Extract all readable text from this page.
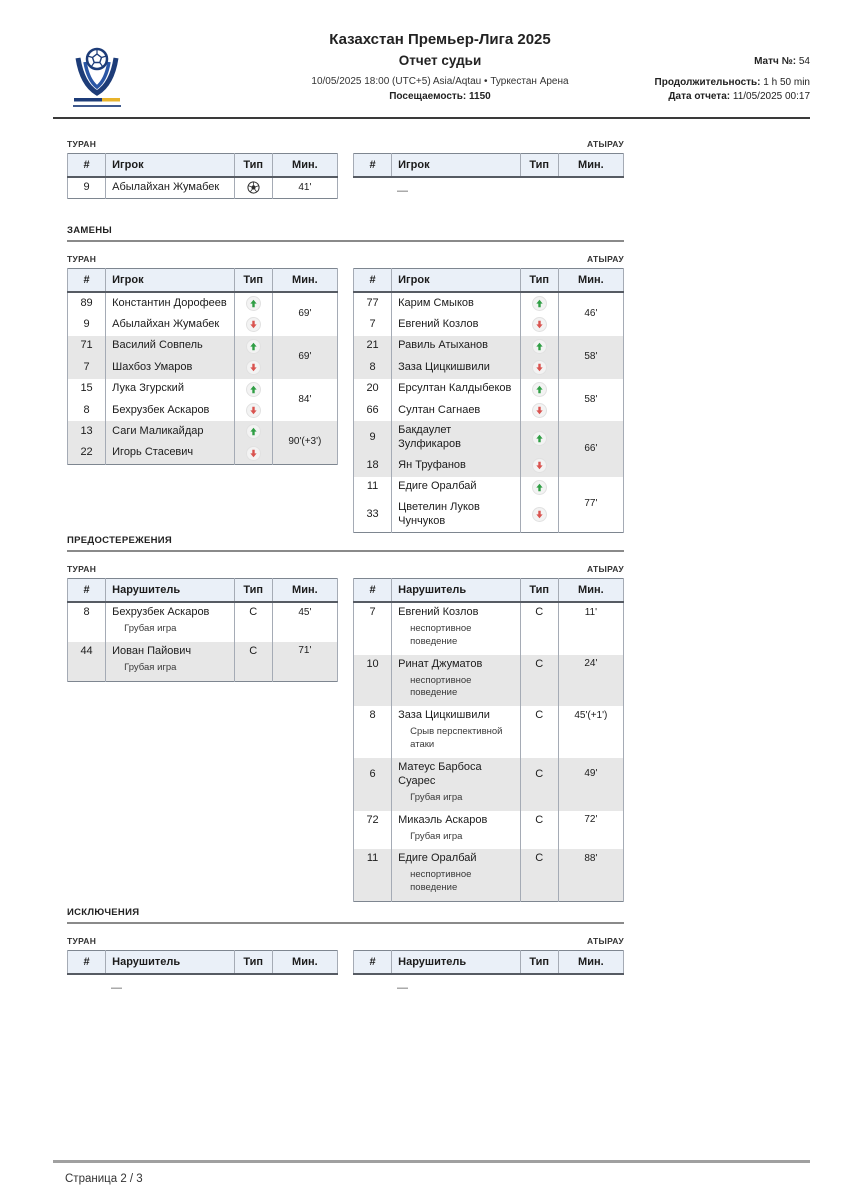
Казахстан Премьер-Лига 2025
Отчет судьи
10/05/2025 18:00 (UTC+5) Asia/Aqtau • Туркестан Арена
Посещаемость: 1150
Матч №: 54
Продолжительность: 1 h 50 min
Дата отчета: 11/05/2025 00:17
ТУРАН
#	Игрок	Тип	Мин.
9	Абылайхан Жумабек		41'
АТЫРАУ
#	Игрок	Тип	Мин.
—
ЗАМЕНЫ
ТУРАН
#	Игрок	Тип	Мин.
89	Константин Дорофеев		69'
9	Абылайхан Жумабек	

71	Василий Совпель		69'
7	Шахбоз Умаров	

15	Лука Згурский		84'
8	Бехрузбек Аскаров	

13	Саги Маликайдар		90'(+3')
22	Игорь Стасевич	
АТЫРАУ
#	Игрок	Тип	Мин.
77	Карим Смыков		46'
7	Евгений Козлов	

21	Равиль Атыханов		58'
8	Заза Цицкишвили	

20	Ерсултан Калдыбеков		58'
66	Султан Сагнаев	

9	Бакдаулет Зулфикаров		66'
18	Ян Труфанов	

11	Едиге Оралбай		77'
33	Цветелин Луков Чунчуков	
ПРЕДОСТЕРЕЖЕНИЯ
ТУРАН
#	Нарушитель	Тип	Мин.
8	Бехрузбек Аскаров	C	45'
	Грубая игра		
44	Иован Пайович	C	71'
	Грубая игра		
АТЫРАУ
#	Нарушитель	Тип	Мин.
7	Евгений Козлов	C	11'
	неспортивное поведение		
10	Ринат Джуматов	C	24'
	неспортивное поведение		
8	Заза Цицкишвили	C	45'(+1')
	Срыв перспективной атаки		
6	Матеус Барбоса Суарес	C	49'
	Грубая игра		
72	Микаэль Аскаров	C	72'
	Грубая игра		
11	Едиге Оралбай	C	88'
	неспортивное поведение		
ИСКЛЮЧЕНИЯ
ТУРАН
#	Нарушитель	Тип	Мин.
—
АТЫРАУ
#	Нарушитель	Тип	Мин.
—
Страница 2 / 3
